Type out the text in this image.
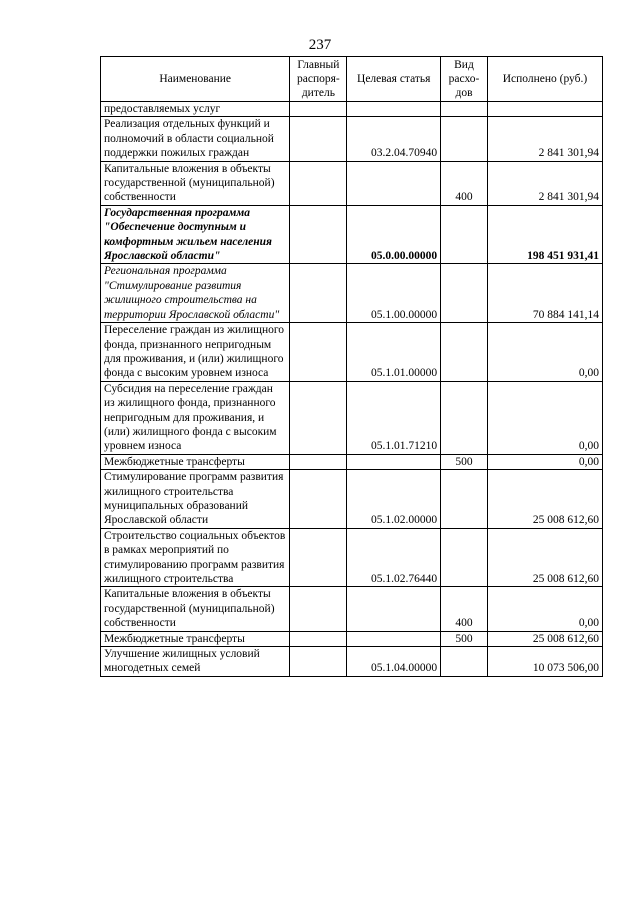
237
Наименование	Главный распоря- дитель	Целевая статья	Вид расхо- дов	Исполнено (руб.)
предоставляемых услуг				
Реализация отдельных функций и полномочий в области социальной поддержки пожилых граждан		03.2.04.70940		2 841 301,94
Капитальные вложения в объекты государственной (муниципальной) собственности			400	2 841 301,94
Государственная программа "Обеспечение доступным и комфортным жильем населения Ярославской области"		05.0.00.00000		198 451 931,41
Региональная программа "Стимулирование развития жилищного строительства на территории Ярославской области"		05.1.00.00000		70 884 141,14
Переселение граждан из жилищного фонда, признанного непригодным для проживания, и (или) жилищного фонда с высоким уровнем износа		05.1.01.00000		0,00
Субсидия на переселение граждан из жилищного фонда, признанного непригодным для проживания, и (или) жилищного фонда с высоким уровнем износа		05.1.01.71210		0,00
Межбюджетные трансферты			500	0,00
Стимулирование программ развития жилищного строительства муниципальных образований Ярославской области		05.1.02.00000		25 008 612,60
Строительство социальных объектов в рамках мероприятий по стимулированию программ развития жилищного строительства		05.1.02.76440		25 008 612,60
Капитальные вложения в объекты государственной (муниципальной) собственности			400	0,00
Межбюджетные трансферты			500	25 008 612,60
Улучшение жилищных условий многодетных семей		05.1.04.00000		10 073 506,00
